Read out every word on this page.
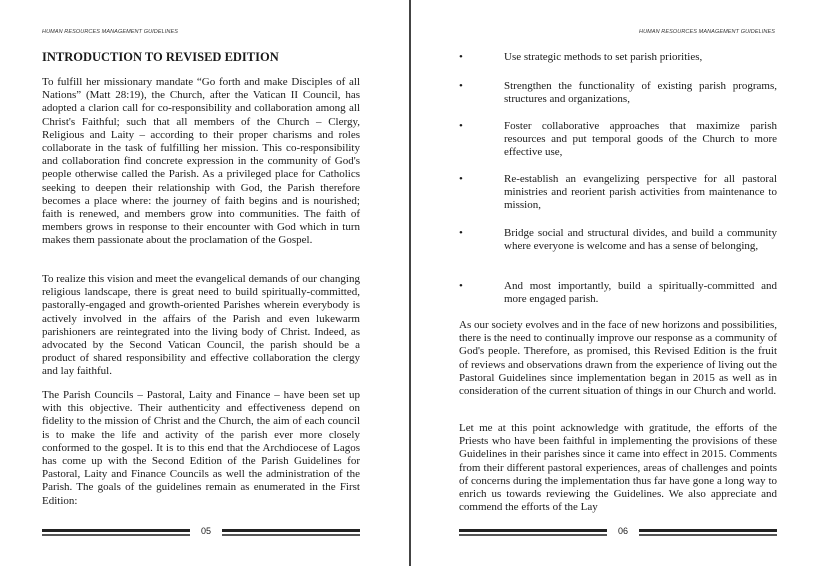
HUMAN RESOURCES MANAGEMENT GUIDELINES
INTRODUCTION TO REVISED EDITION

To fulfill her missionary mandate “Go forth and make Disciples of all Nations” (Matt 28:19), the Church, after the Vatican II Council, has adopted a clarion call for co-responsibility and collaboration among all Christ's Faithful; such that all members of the Church – Clergy, Religious and Laity – according to their proper charisms and roles collaborate in the task of fulfilling her mission. This co-responsibility and collaboration find concrete expression in the community of God's people otherwise called the Parish. As a privileged place for Catholics seeking to deepen their relationship with God, the Parish therefore becomes a place where: the journey of faith begins and is nourished; faith is renewed, and members grow into communities. The faith of members grows in response to their encounter with God which in turn makes them passionate about the proclamation of the Gospel.

To realize this vision and meet the evangelical demands of our changing religious landscape, there is great need to build spiritually-committed, pastorally-engaged and growth-oriented Parishes wherein everybody is actively involved in the affairs of the Parish and even lukewarm parishioners are reintegrated into the living body of Christ. Indeed, as advocated by the Second Vatican Council, the parish should be a product of shared responsibility and effective collaboration the clergy and lay faithful.

The Parish Councils – Pastoral, Laity and Finance – have been set up with this objective. Their authenticity and effectiveness depend on fidelity to the mission of Christ and the Church, the aim of each council is to make the life and activity of the parish ever more closely conformed to the gospel. It is to this end that the Archdiocese of Lagos has come up with the Second Edition of the Parish Guidelines for Pastoral, Laity and Finance Councils as well the administration of the Parish. The goals of the guidelines remain as enumerated in the First Edition:

05
HUMAN RESOURCES MANAGEMENT GUIDELINES
•	Use strategic methods to set parish priorities,

•	Strengthen the functionality of existing parish programs, structures and organizations,

•	Foster collaborative approaches that maximize parish resources and put temporal goods of the Church to more effective use,

•	Re-establish an evangelizing perspective for all pastoral ministries and reorient parish activities from maintenance to mission,

•	Bridge social and structural divides, and build a community where everyone is welcome and has a sense of belonging,

•	And most importantly, build a spiritually-committed and more engaged parish.

As our society evolves and in the face of new horizons and possibilities, there is the need to continually improve our response as a community of God's people. Therefore, as promised, this Revised Edition is the fruit of reviews and observations drawn from the experience of living out the Pastoral Guidelines since implementation began in 2015 as well as in consideration of the current situation of things in our Church and world.

Let me at this point acknowledge with gratitude, the efforts of the Priests who have been faithful in implementing the provisions of these Guidelines in their parishes since it came into effect in 2015. Comments from their different pastoral experiences, areas of challenges and points of concerns during the implementation thus far have gone a long way to enrich us towards reviewing the Guidelines. We also appreciate and commend the efforts of the Lay

06
